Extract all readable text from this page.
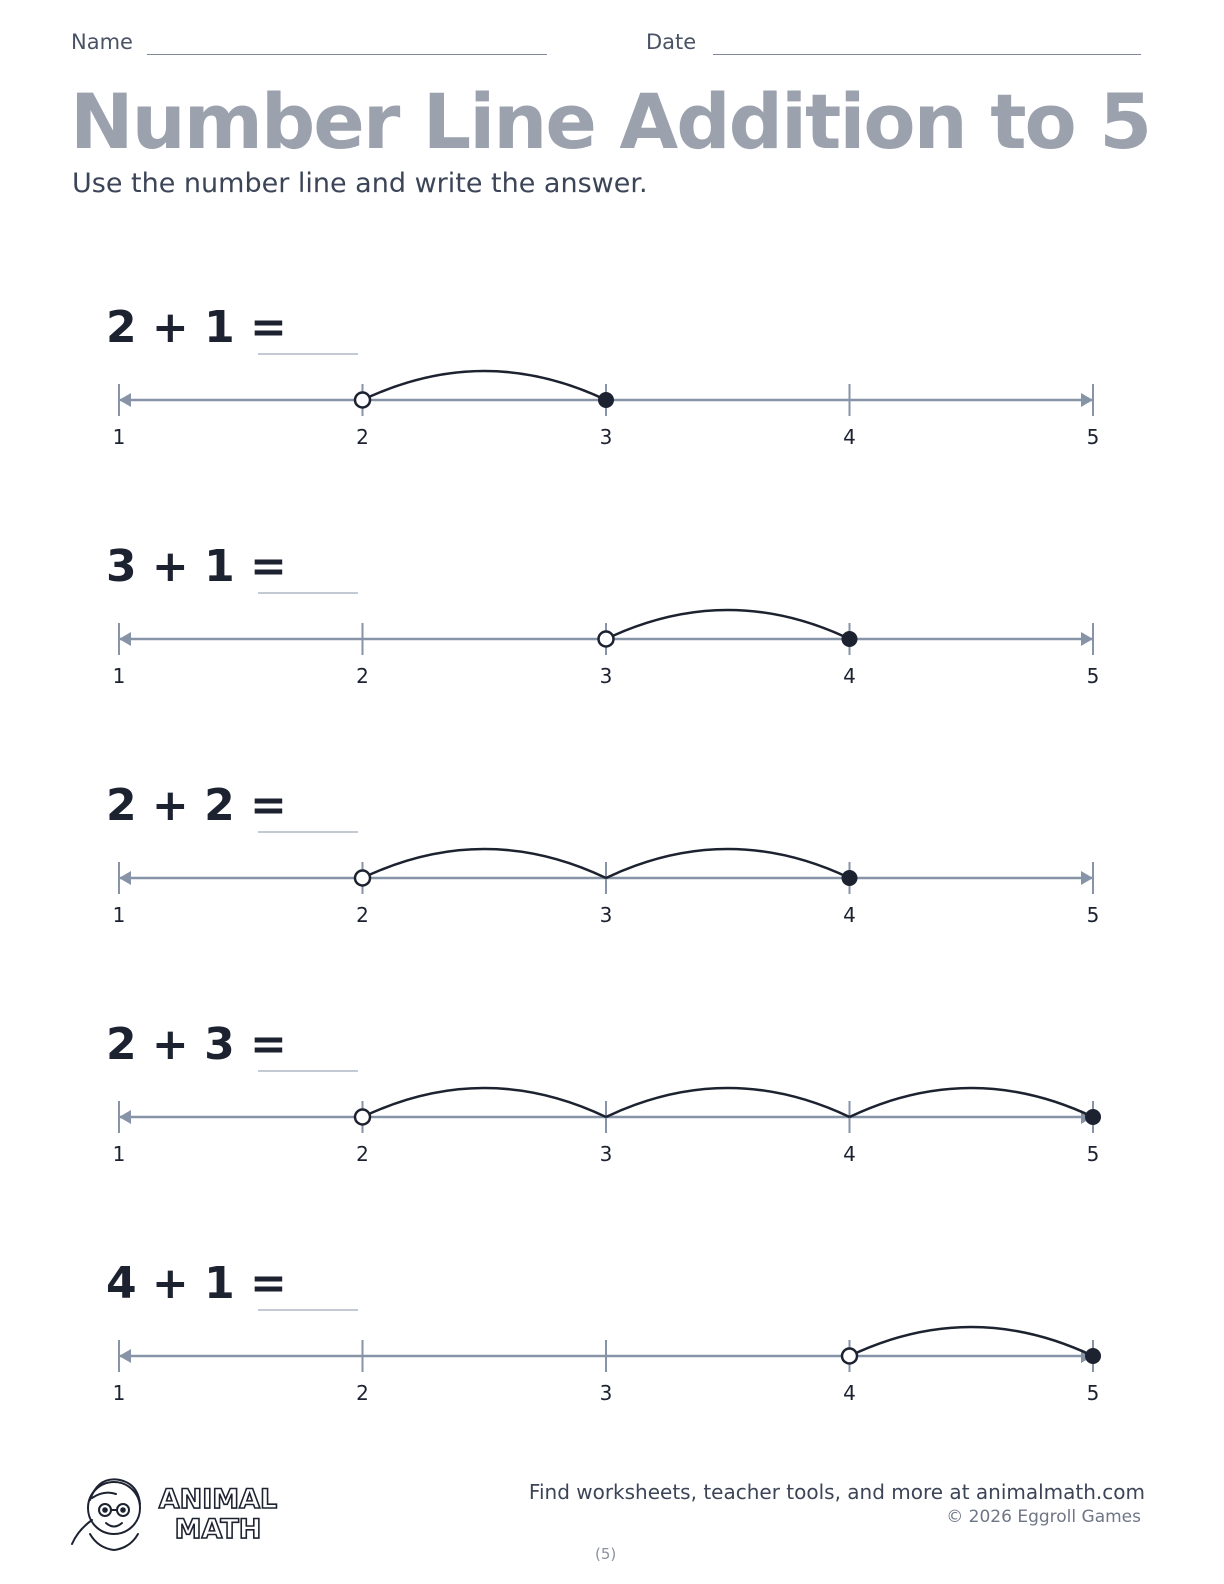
Name	Date
Number Line Addition to 5
Use the number line and write the answer.
2 + 1 =
1	2	3	4	5
3 + 1 =
1	2	3	4	5
2 + 2 =
1	2	3	4	5
2 + 3 =
1	2	3	4	5
4 + 1 =
1	2	3	4	5
ANIMAL
MATH
Find worksheets, teacher tools, and more at animalmath.com
© 2026 Eggroll Games
(5)
